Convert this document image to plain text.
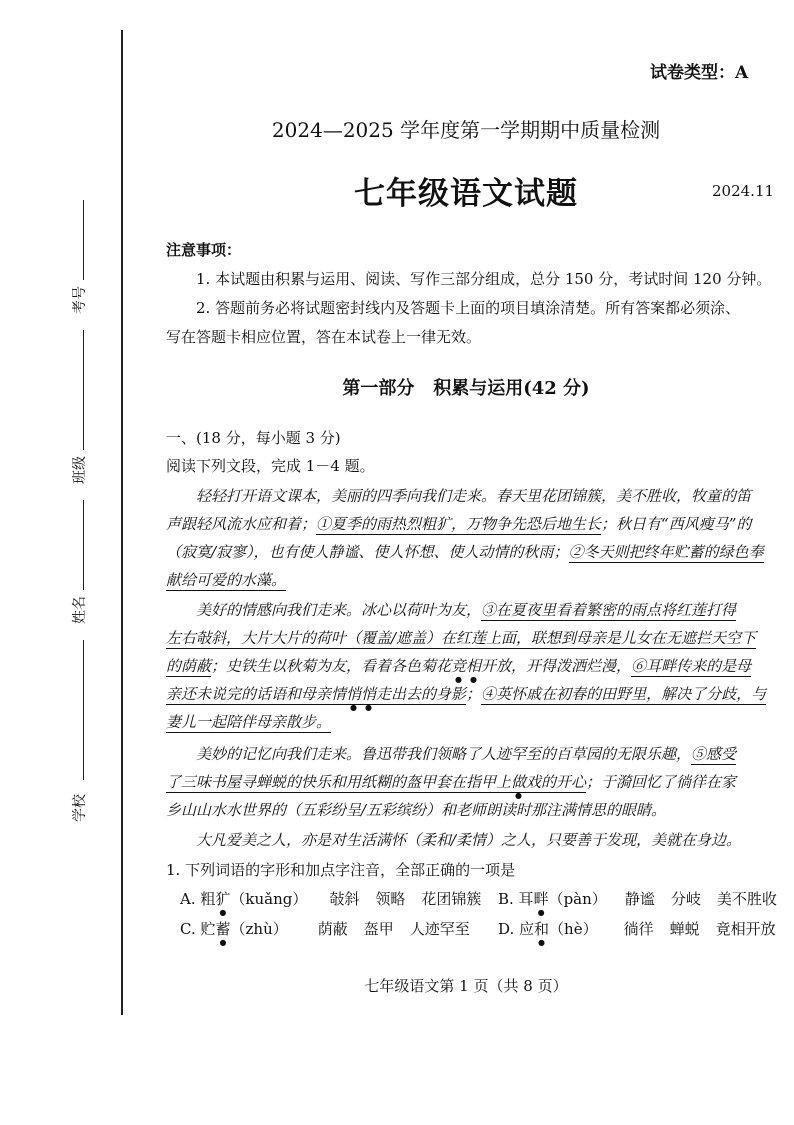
考号
班级
姓名
学校
试卷类型：A
2024—2025 学年度第一学期期中质量检测
七年级语文试题	2024.11
注意事项：
1. 本试题由积累与运用、阅读、写作三部分组成，总分 150 分，考试时间 120 分钟。
2. 答题前务必将试题密封线内及答题卡上面的项目填涂清楚。所有答案都必须涂、
写在答题卡相应位置，答在本试卷上一律无效。
第一部分   积累与运用(42 分)
一、(18 分，每小题 3 分)
阅读下列文段，完成 1－4 题。
轻轻打开语文课本，美丽的四季向我们走来。春天里花团锦簇，美不胜收，牧童的笛
声跟轻风流水应和着；①夏季的雨热烈粗犷，万物争先恐后地生长；秋日有“西风瘦马”的
（寂寞/寂寥），也有使人静谧、使人怀想、使人动情的秋雨；②冬天则把终年贮蓄的绿色奉
献给可爱的水藻。
美好的情感向我们走来。冰心以荷叶为友，③在夏夜里看着繁密的雨点将红莲打得
左右敧斜，大片大片的荷叶（覆盖/遮盖）在红莲上面，联想到母亲是儿女在无遮拦天空下
的荫蔽；史铁生以秋菊为友，看着各色菊花竞相开放，开得泼洒烂漫，⑥耳畔传来的是母
亲还未说完的话语和母亲情悄悄走出去的身影；④英怀戚在初春的田野里，解决了分歧，与
妻儿一起陪伴母亲散步。
美妙的记忆向我们走来。鲁迅带我们领略了人迹罕至的百草园的无限乐趣，⑤感受
了三味书屋寻蝉蜕的快乐和用纸糊的盔甲套在指甲上做戏的开心；于漪回忆了徜徉在家
乡山山水水世界的（五彩纷呈/五彩缤纷）和老师朗读时那注满情思的眼睛。
大凡爱美之人，亦是对生活满怀（柔和/柔情）之人，只要善于发现，美就在身边。
1. 下列词语的字形和加点字注音，全部正确的一项是
A. 粗犷（kuǎng） 敧斜 领略 花团锦簇 B. 耳畔（pàn） 静谧 分岐 美不胜收
C. 贮蓄（zhù） 荫蔽 盔甲 人迹罕至 D. 应和（hè） 徜徉 蝉蜕 竟相开放
七年级语文第 1 页（共 8 页）
